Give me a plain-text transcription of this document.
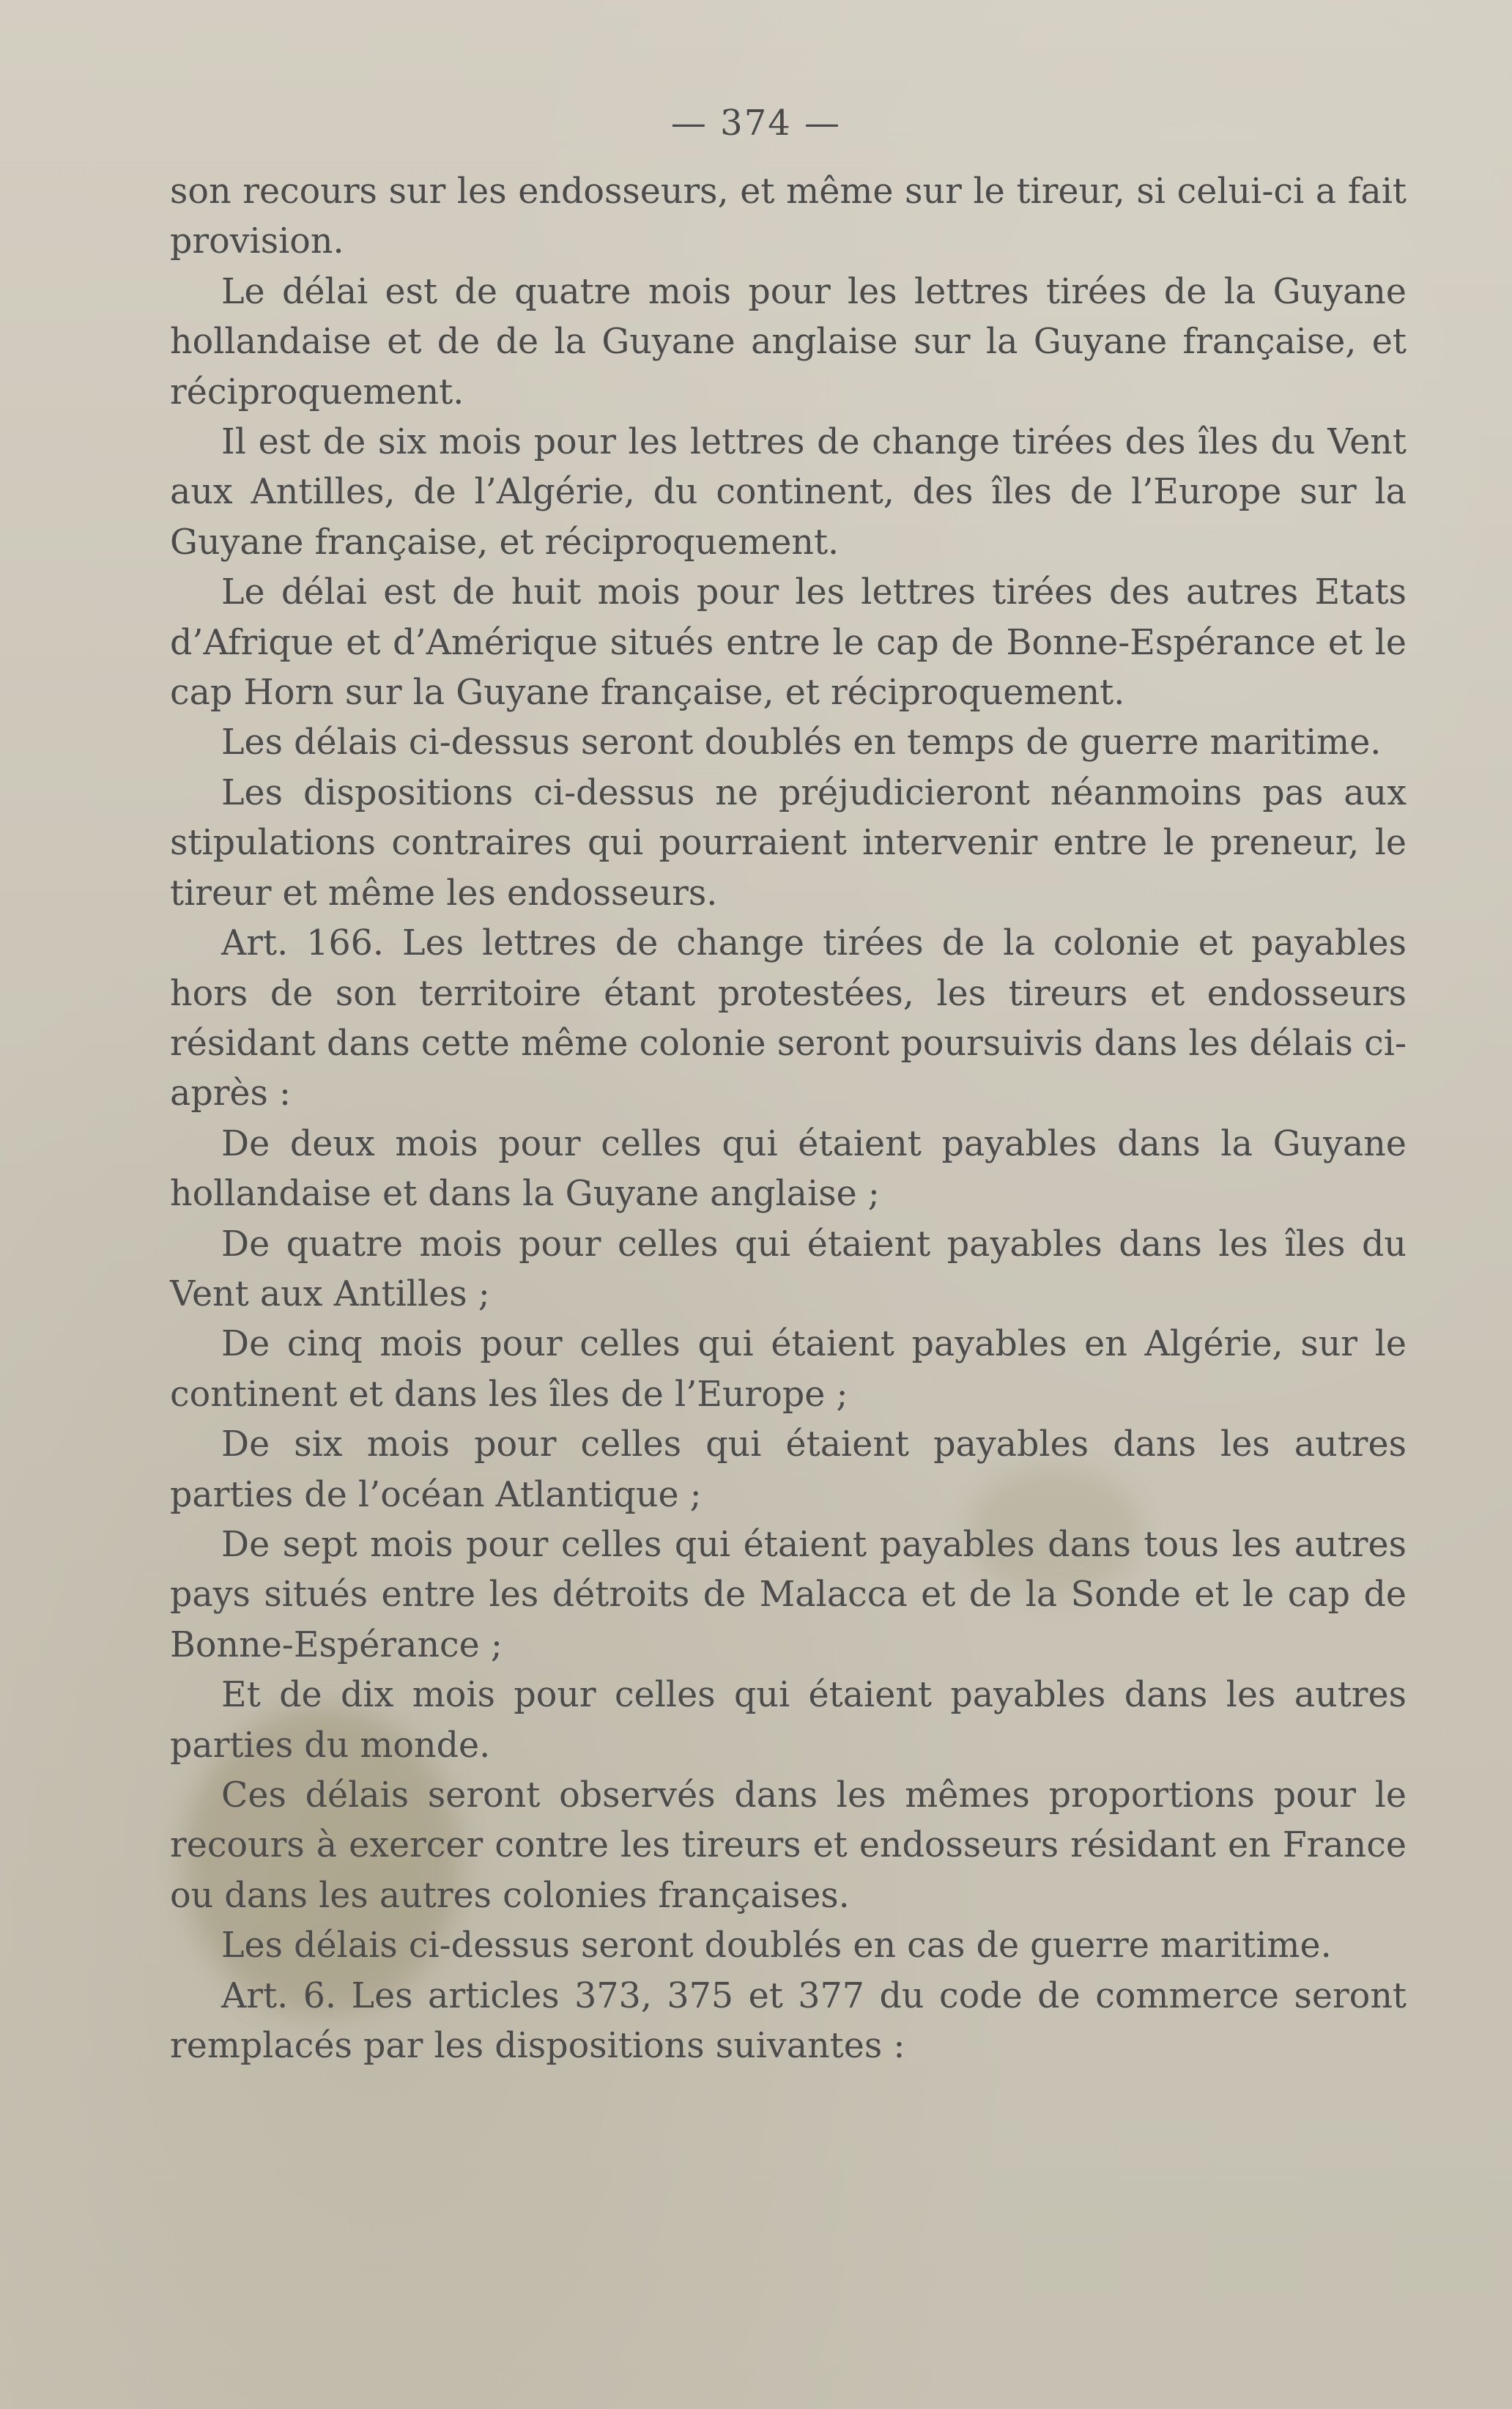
— 374 —

son recours sur les endosseurs, et même sur le tireur, si celui-ci a fait provision.

Le délai est de quatre mois pour les lettres tirées de la Guyane hollandaise et de de la Guyane anglaise sur la Guyane française, et réciproquement.

Il est de six mois pour les lettres de change tirées des îles du Vent aux Antilles, de l’Algérie, du continent, des îles de l’Europe sur la Guyane française, et réciproquement.

Le délai est de huit mois pour les lettres tirées des autres Etats d’Afrique et d’Amérique situés entre le cap de Bonne-Espérance et le cap Horn sur la Guyane française, et réciproquement.

Les délais ci-dessus seront doublés en temps de guerre maritime.

Les dispositions ci-dessus ne préjudicieront néanmoins pas aux stipulations contraires qui pourraient intervenir entre le preneur, le tireur et même les endosseurs.

Art. 166. Les lettres de change tirées de la colonie et payables hors de son territoire étant protestées, les tireurs et endosseurs résidant dans cette même colonie seront poursuivis dans les délais ci-après :

De deux mois pour celles qui étaient payables dans la Guyane hollandaise et dans la Guyane anglaise ;

De quatre mois pour celles qui étaient payables dans les îles du Vent aux Antilles ;

De cinq mois pour celles qui étaient payables en Algérie, sur le continent et dans les îles de l’Europe ;

De six mois pour celles qui étaient payables dans les autres parties de l’océan Atlantique ;

De sept mois pour celles qui étaient payables dans tous les autres pays situés entre les détroits de Malacca et de la Sonde et le cap de Bonne-Espérance ;

Et de dix mois pour celles qui étaient payables dans les autres parties du monde.

Ces délais seront observés dans les mêmes proportions pour le recours à exercer contre les tireurs et endosseurs résidant en France ou dans les autres colonies françaises.

Les délais ci-dessus seront doublés en cas de guerre maritime.

Art. 6. Les articles 373, 375 et 377 du code de commerce seront remplacés par les dispositions suivantes :
